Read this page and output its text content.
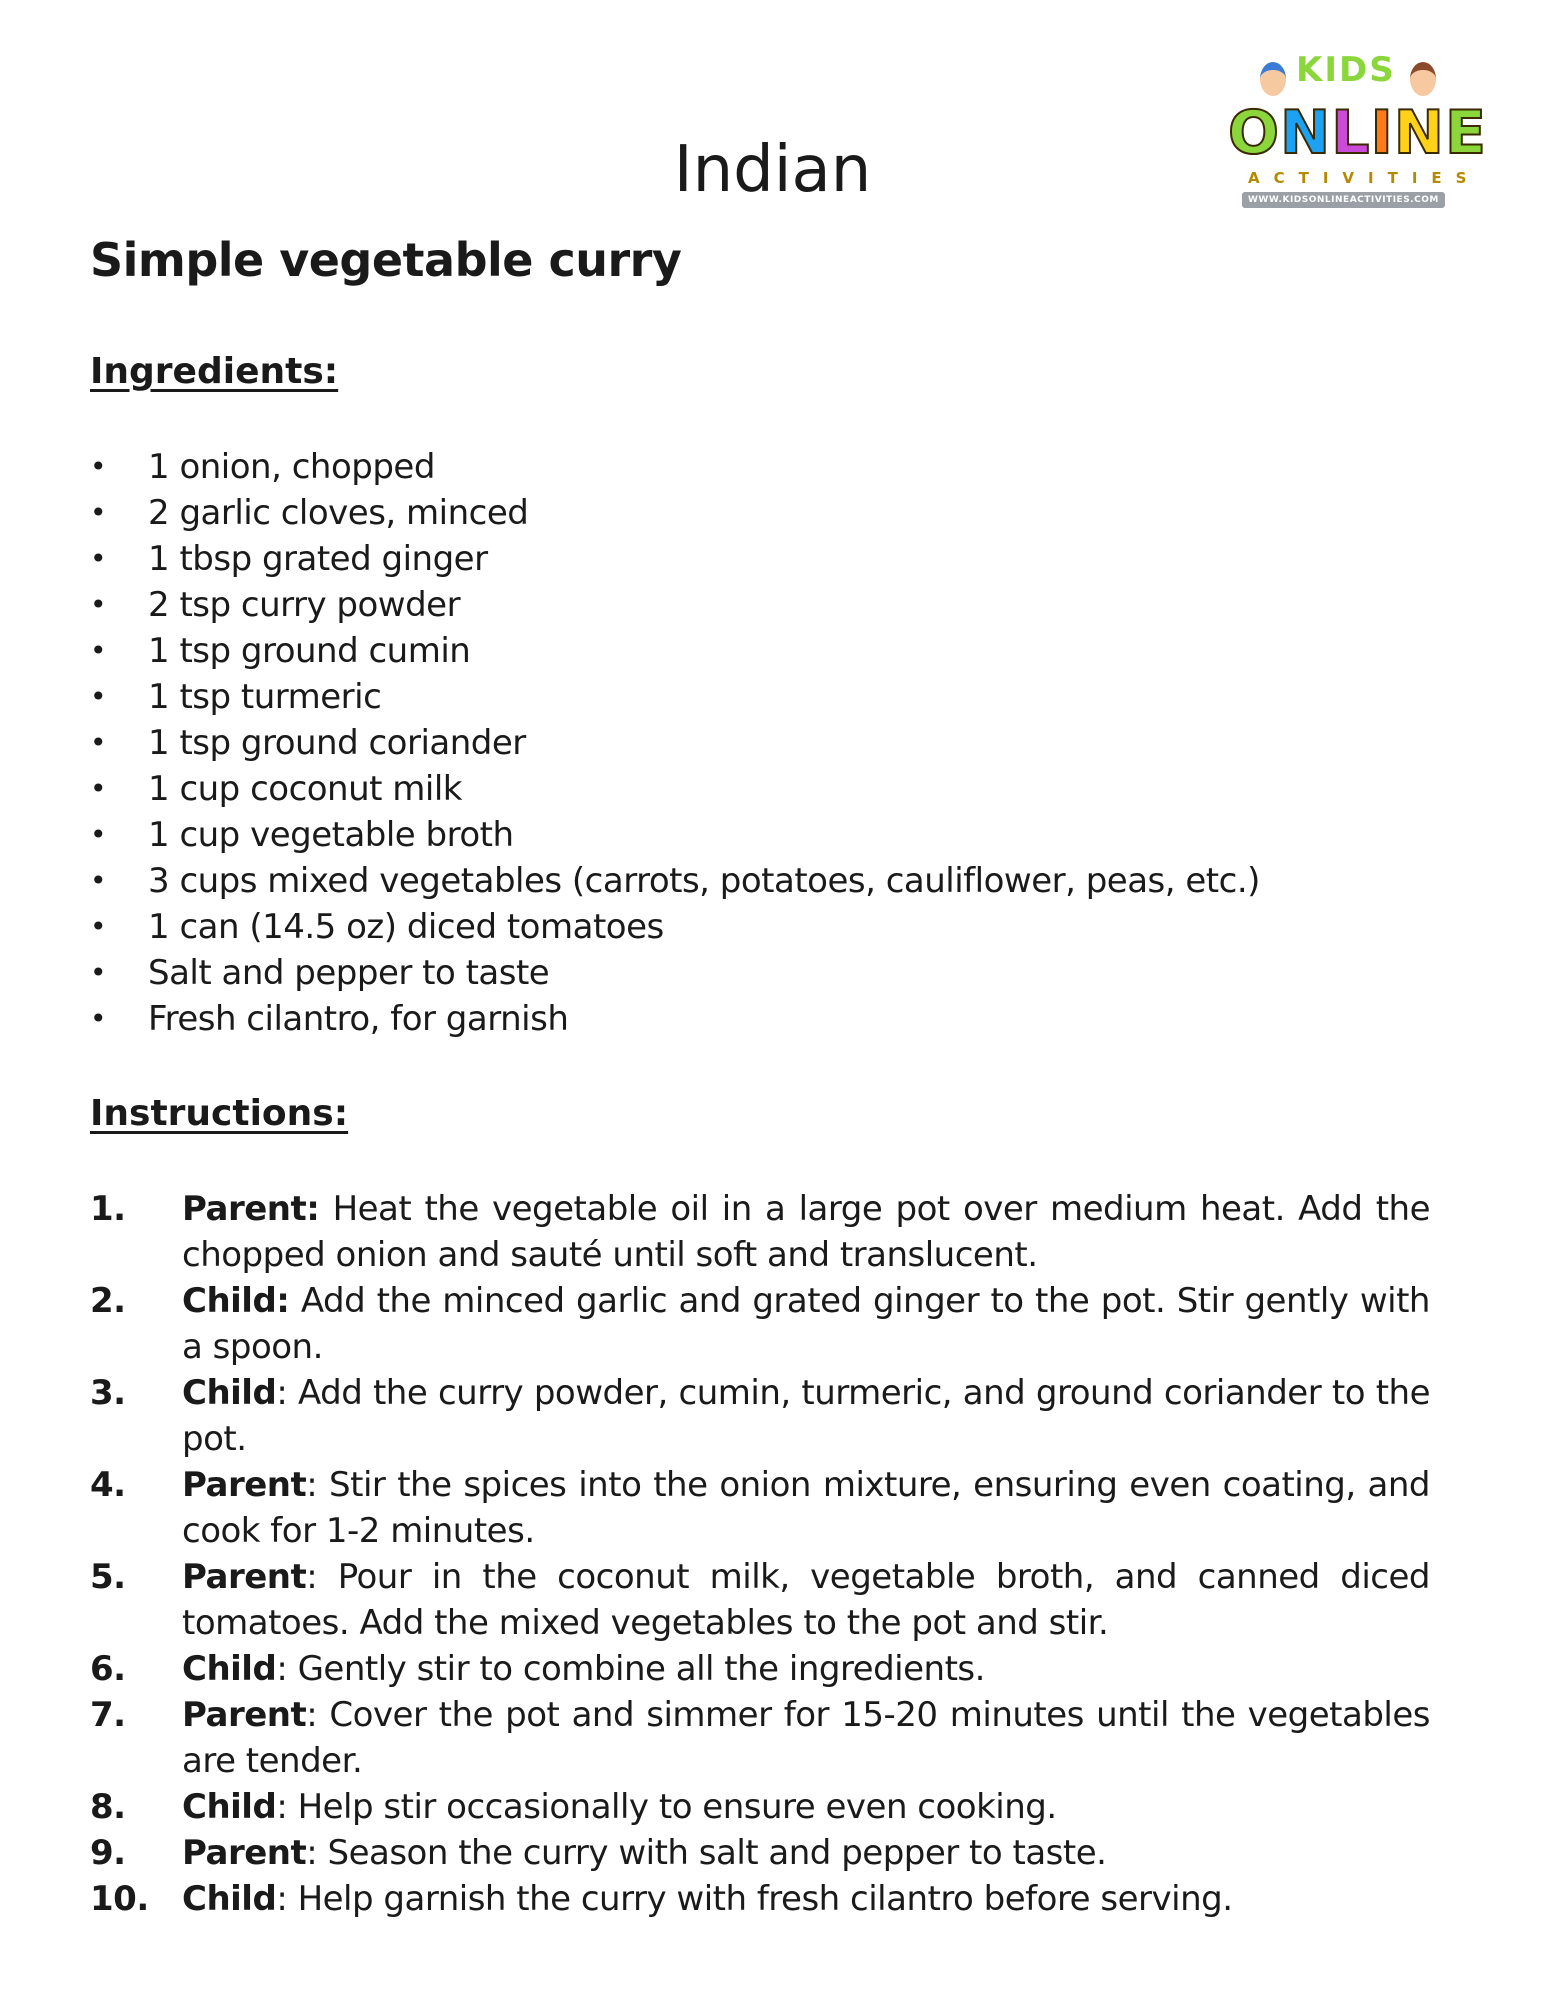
KIDS
ONLINE
ACTIVITIES
WWW.KIDSONLINEACTIVITIES.COM
Indian
Simple vegetable curry
Ingredients:
•	1 onion, chopped
•	2 garlic cloves, minced
•	1 tbsp grated ginger
•	2 tsp curry powder
•	1 tsp ground cumin
•	1 tsp turmeric
•	1 tsp ground coriander
•	1 cup coconut milk
•	1 cup vegetable broth
•	3 cups mixed vegetables (carrots, potatoes, cauliflower, peas, etc.)
•	1 can (14.5 oz) diced tomatoes
•	Salt and pepper to taste
•	Fresh cilantro, for garnish
Instructions:
1.	Parent: Heat the vegetable oil in a large pot over medium heat. Add the chopped onion and sauté until soft and translucent.
2.	Child: Add the minced garlic and grated ginger to the pot. Stir gently with a spoon.
3.	Child: Add the curry powder, cumin, turmeric, and ground coriander to the pot.
4.	Parent: Stir the spices into the onion mixture, ensuring even coating, and cook for 1-2 minutes.
5.	Parent: Pour in the coconut milk, vegetable broth, and canned diced tomatoes. Add the mixed vegetables to the pot and stir.
6.	Child: Gently stir to combine all the ingredients.
7.	Parent: Cover the pot and simmer for 15-20 minutes until the vegetables are tender.
8.	Child: Help stir occasionally to ensure even cooking.
9.	Parent: Season the curry with salt and pepper to taste.
10. Child: Help garnish the curry with fresh cilantro before serving.
